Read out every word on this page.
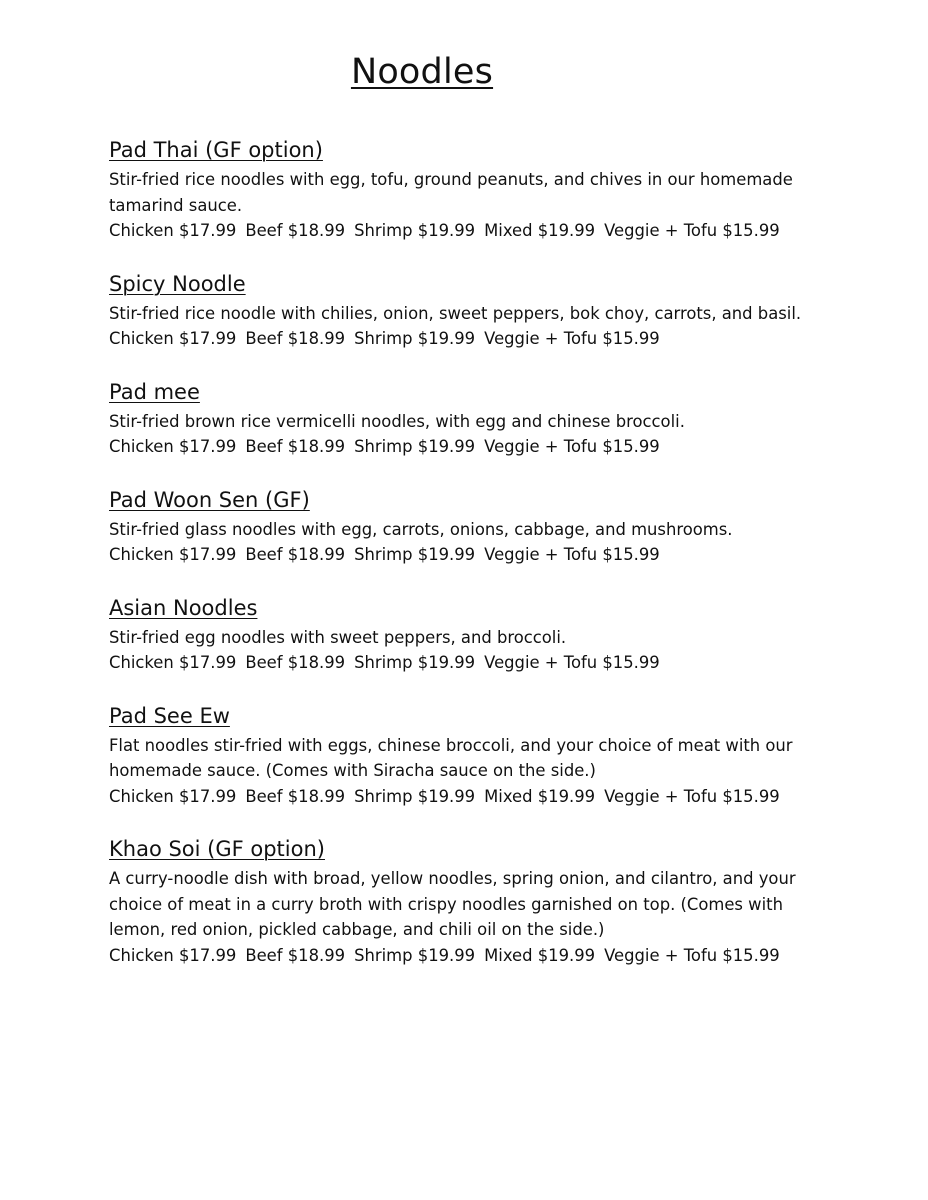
Noodles
Pad Thai (GF option)

Stir-fried rice noodles with egg, tofu, ground peanuts, and chives in our homemade tamarind sauce.

Chicken $17.99 Beef $18.99 Shrimp $19.99 Mixed $19.99 Veggie + Tofu $15.99
Spicy Noodle

Stir-fried rice noodle with chilies, onion, sweet peppers, bok choy, carrots, and basil.

Chicken $17.99 Beef $18.99 Shrimp $19.99 Veggie + Tofu $15.99
Pad mee

Stir-fried brown rice vermicelli noodles, with egg and chinese broccoli.

Chicken $17.99 Beef $18.99 Shrimp $19.99 Veggie + Tofu $15.99
Pad Woon Sen (GF)

Stir-fried glass noodles with egg, carrots, onions, cabbage, and mushrooms.

Chicken $17.99 Beef $18.99 Shrimp $19.99 Veggie + Tofu $15.99
Asian Noodles

Stir-fried egg noodles with sweet peppers, and broccoli.

Chicken $17.99 Beef $18.99 Shrimp $19.99 Veggie + Tofu $15.99
Pad See Ew

Flat noodles stir-fried with eggs, chinese broccoli, and your choice of meat with our homemade sauce. (Comes with Siracha sauce on the side.)

Chicken $17.99 Beef $18.99 Shrimp $19.99 Mixed $19.99 Veggie + Tofu $15.99
Khao Soi (GF option)

A curry-noodle dish with broad, yellow noodles, spring onion, and cilantro, and your choice of meat in a curry broth with crispy noodles garnished on top. (Comes with lemon, red onion, pickled cabbage, and chili oil on the side.)

Chicken $17.99 Beef $18.99 Shrimp $19.99 Mixed $19.99 Veggie + Tofu $15.99
